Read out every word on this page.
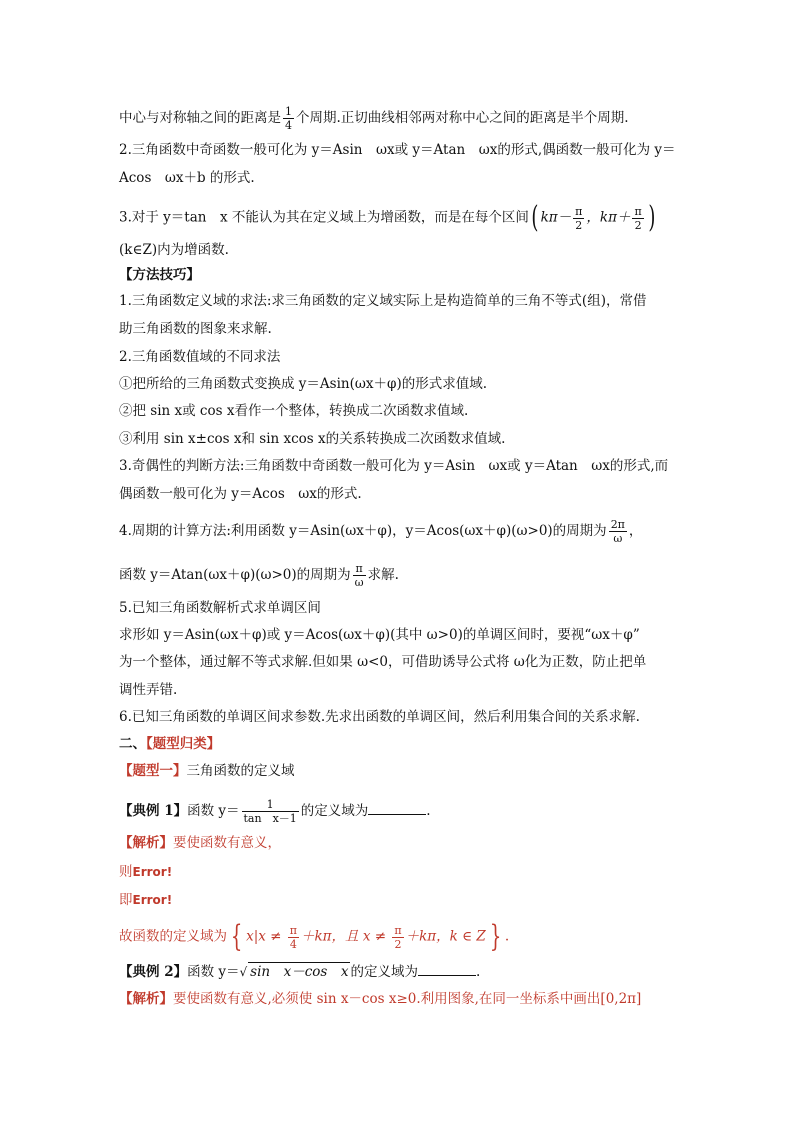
中心与对称轴之间的距离是 $\frac{1}{4}$ 个周期.正切曲线相邻两对称中心之间的距离是半个周期.
2.三角函数中奇函数一般可化为 y＝Asin　ωx或 y＝Atan　ωx的形式,偶函数一般可化为 y＝
Acos　ωx＋b 的形式.
3.对于 y＝tan　x 不能认为其在定义域上为增函数，而是在每个区间( $k\pi- \frac{\pi}{2}$ ，$k\pi+ \frac{\pi}{2}$ )
(k∈Z)内为增函数.
【方法技巧】
1.三角函数定义域的求法:求三角函数的定义域实际上是构造简单的三角不等式(组)，常借
助三角函数的图象来求解.
2.三角函数值域的不同求法
①把所给的三角函数式变换成 y＝Asin(ωx＋φ)的形式求值域.
②把 sin x或 cos x看作一个整体，转换成二次函数求值域.
③利用 sin x±cos x和 sin xcos x的关系转换成二次函数求值域.
3.奇偶性的判断方法:三角函数中奇函数一般可化为 y＝Asin　ωx或 y＝Atan　ωx的形式,而
偶函数一般可化为 y＝Acos　ωx的形式.
4.周期的计算方法:利用函数 y＝Asin(ωx＋φ)，y＝Acos(ωx＋φ)(ω>0)的周期为 $\frac{2\pi}{\omega}$ ，
函数 y＝Atan(ωx＋φ)(ω>0)的周期为 $\frac{\pi}{\omega}$ 求解.
5.已知三角函数解析式求单调区间
求形如 y＝Asin(ωx＋φ)或 y＝Acos(ωx＋φ)(其中 ω>0)的单调区间时，要视“ωx＋φ”
为一个整体，通过解不等式求解.但如果 ω<0，可借助诱导公式将 ω化为正数，防止把单
调性弄错.
6.已知三角函数的单调区间求参数.先求出函数的单调区间，然后利用集合间的关系求解.
二、【题型归类】
【题型一】三角函数的定义域
【典例 1】函数 $y= \frac{1}{\text{tan　x－1}}$ 的定义域为	.
【解析】要使函数有意义，
则Error!
即Error!
故函数的定义域为 { $x|x \ne \frac{\pi}{4} +k\pi$，且 $x \ne \frac{\pi}{2} +k\pi$，k ∈ Z } .
【典例 2】函数 y＝√ sin　x－cos　x 的定义域为	.
【解析】要使函数有意义,必须使 sin x－cos x≥0.利用图象,在同一坐标系中画出[0,2π]
